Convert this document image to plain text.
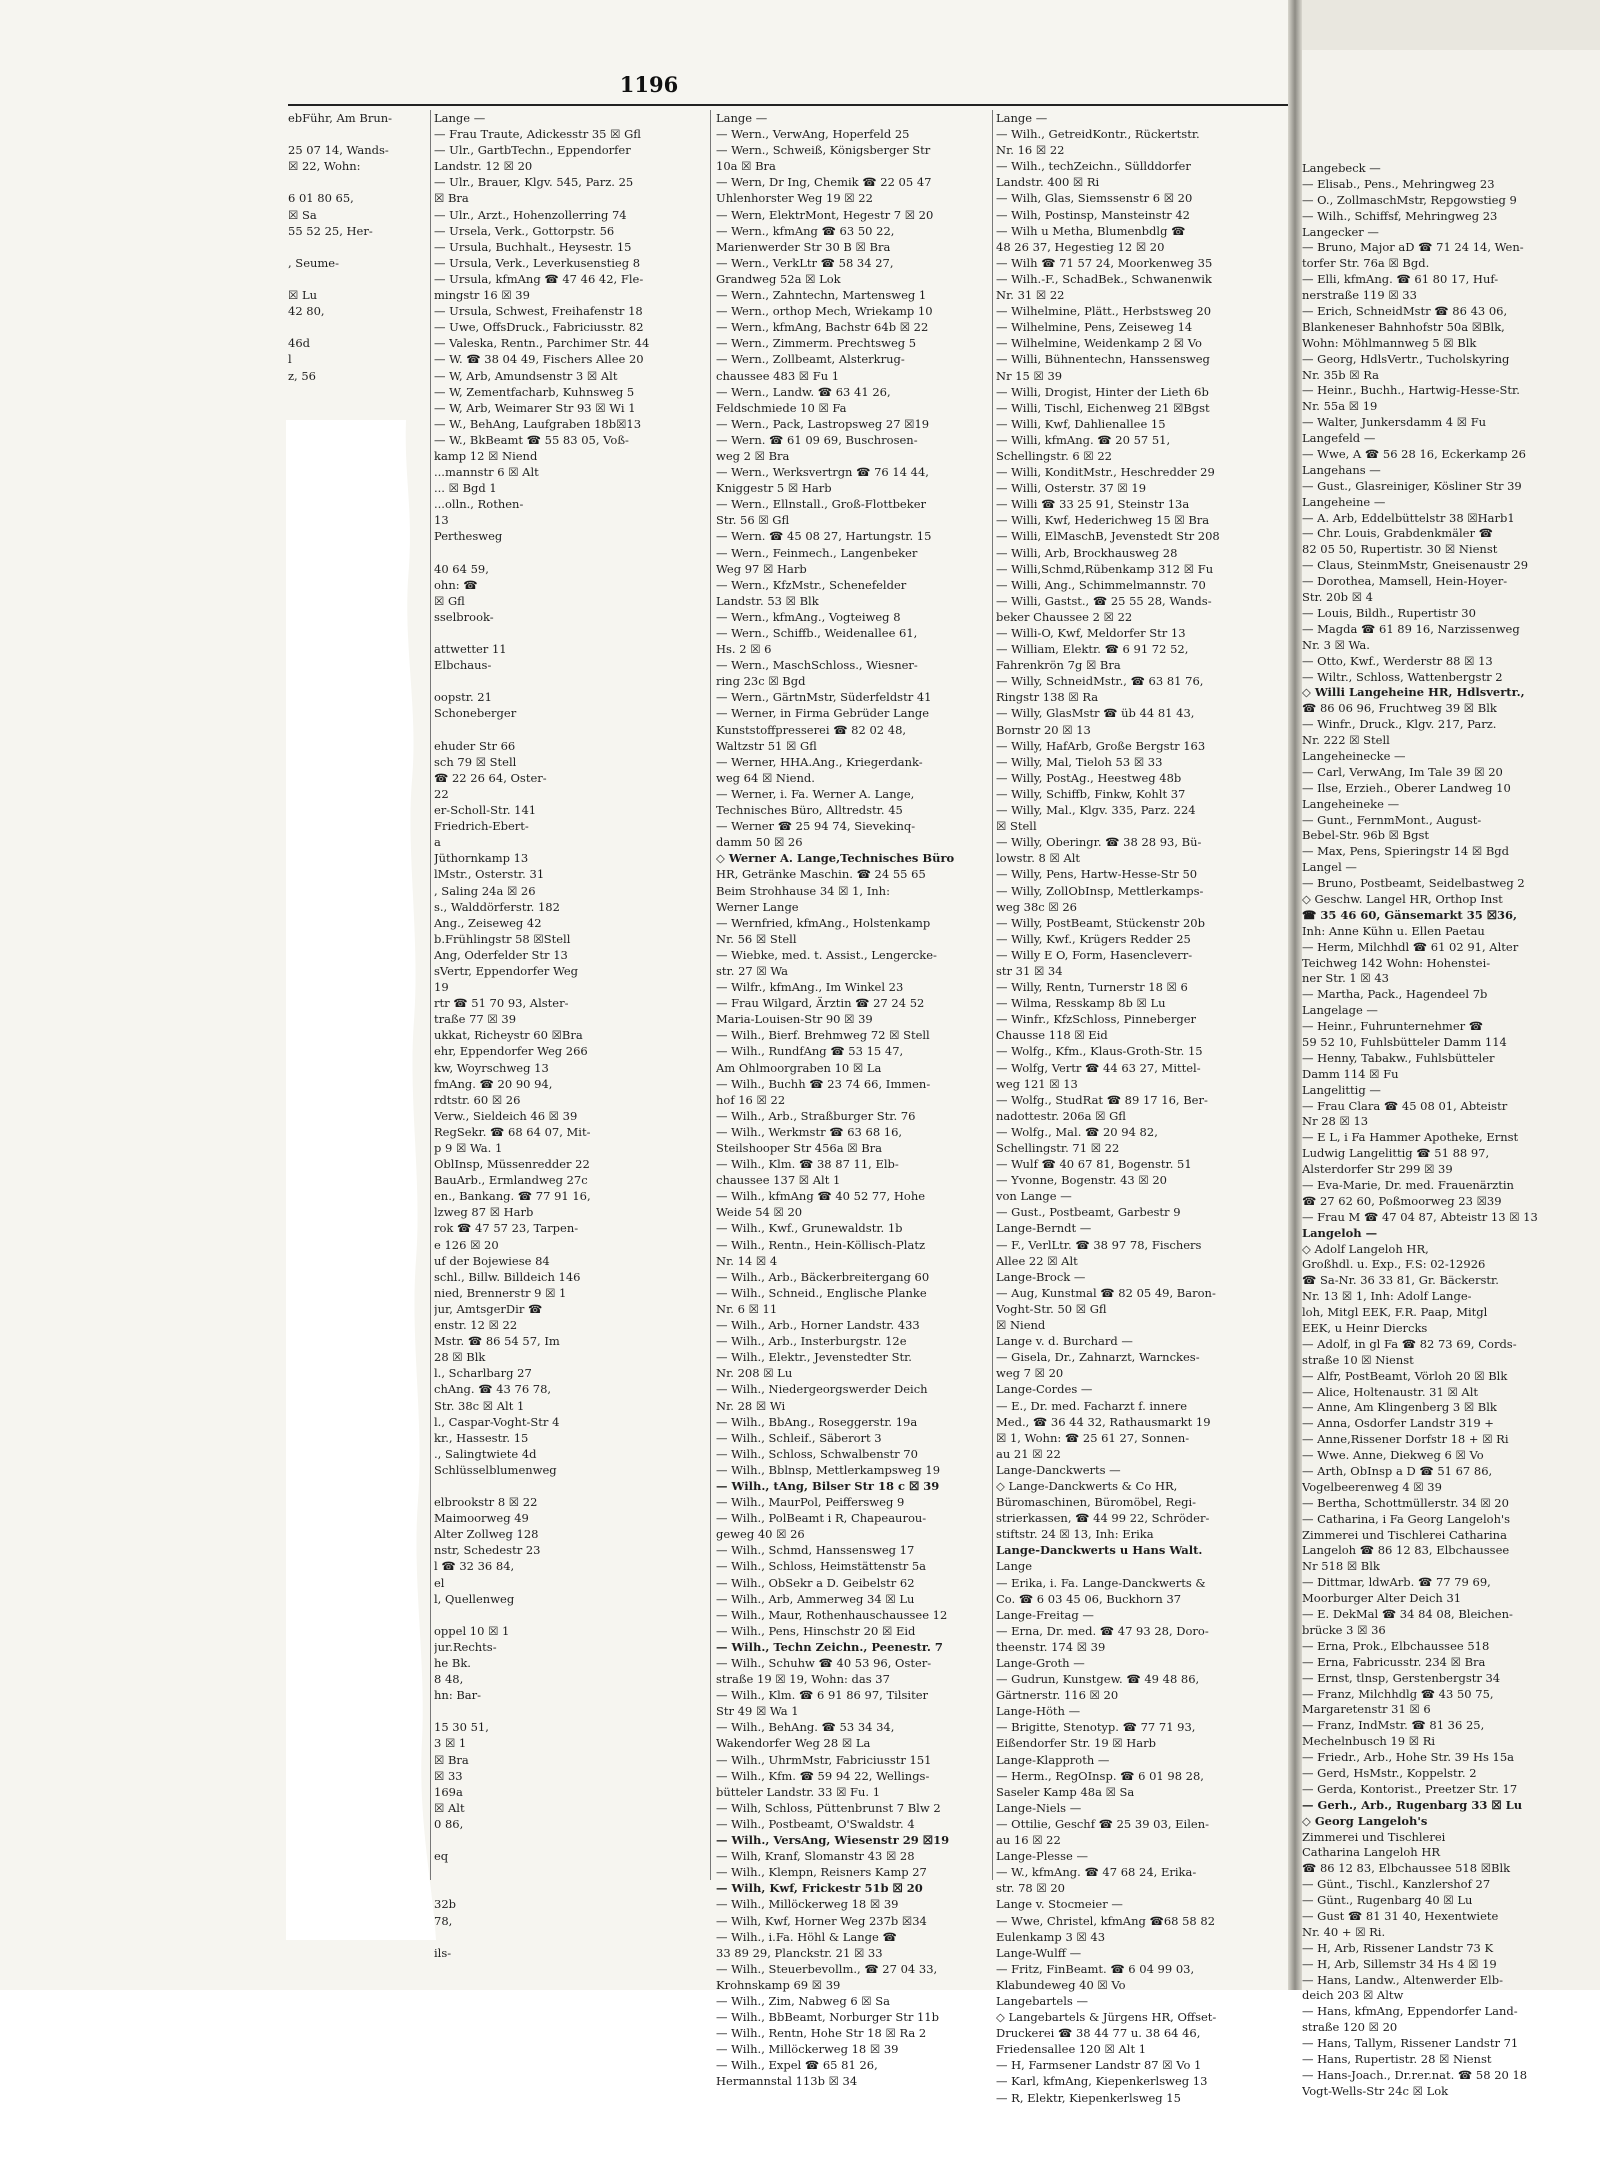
1196
ebFühr, Am Brun-
25 07 14, Wands-
☒ 22, Wohn:
6 01 80 65,
☒ Sa
55 52 25, Her-
, Seume-
☒ Lu
42 80,
46d
l
z, 56
Lange —
— Frau Traute, Adickesstr 35 ☒ Gfl
— Ulr., GartbTechn., Eppendorfer
Landstr. 12 ☒ 20
— Ulr., Brauer, Klgv. 545, Parz. 25
☒ Bra
— Ulr., Arzt., Hohenzollerring 74
— Ursela, Verk., Gottorpstr. 56
— Ursula, Buchhalt., Heysestr. 15
— Ursula, Verk., Leverkusenstieg 8
— Ursula, kfmAng ☎ 47 46 42, Fle-
mingstr 16 ☒ 39
— Ursula, Schwest, Freihafenstr 18
— Uwe, OffsDruck., Fabriciusstr. 82
— Valeska, Rentn., Parchimer Str. 44
— W. ☎ 38 04 49, Fischers Allee 20
— W, Arb, Amundsenstr 3 ☒ Alt
— W, Zementfacharb, Kuhnsweg 5
— W, Arb, Weimarer Str 93 ☒ Wi 1
— W., BehAng, Laufgraben 18b☒13
— W., BkBeamt ☎ 55 83 05, Voß-
kamp 12 ☒ Niend
...mannstr 6 ☒ Alt
... ☒ Bgd 1
...olln., Rothen-
13
Perthesweg
40 64 59,
ohn: ☎
☒ Gfl
sselbrook-
attwetter 11
Elbchaus-
oopstr. 21
Schoneberger
ehuder Str 66
sch 79 ☒ Stell
☎ 22 26 64, Oster-
22
er-Scholl-Str. 141
Friedrich-Ebert-
a
Jüthornkamp 13
lMstr., Osterstr. 31
, Saling 24a ☒ 26
s., Walddörferstr. 182
Ang., Zeiseweg 42
b.Frühlingstr 58 ☒Stell
Ang, Oderfelder Str 13
sVertr, Eppendorfer Weg
19
rtr ☎ 51 70 93, Alster-
traße 77 ☒ 39
ukkat, Richeystr 60 ☒Bra
ehr, Eppendorfer Weg 266
kw, Woyrschweg 13
fmAng. ☎ 20 90 94,
rdtstr. 60 ☒ 26
Verw., Sieldeich 46 ☒ 39
RegSekr. ☎ 68 64 07, Mit-
p 9 ☒ Wa. 1
OblInsp, Müssenredder 22
BauArb., Ermlandweg 27c
en., Bankang. ☎ 77 91 16,
lzweg 87 ☒ Harb
rok ☎ 47 57 23, Tarpen-
e 126 ☒ 20
uf der Bojewiese 84
schl., Billw. Billdeich 146
nied, Brennerstr 9 ☒ 1
jur, AmtsgerDir ☎
enstr. 12 ☒ 22
Mstr. ☎ 86 54 57, Im
28 ☒ Blk
l., Scharlbarg 27
chAng. ☎ 43 76 78,
Str. 38c ☒ Alt 1
l., Caspar-Voght-Str 4
kr., Hassestr. 15
., Salingtwiete 4d
Schlüsselblumenweg
elbrookstr 8 ☒ 22
Maimoorweg 49
Alter Zollweg 128
nstr, Schedestr 23
l ☎ 32 36 84,
el
l, Quellenweg
oppel 10 ☒ 1
jur.Rechts-
he Bk.
8 48,
hn: Bar-
15 30 51,
3 ☒ 1
☒ Bra
☒ 33
169a
☒ Alt
0 86,
eq
32b
78,
ils-
Lange —
— Wern., VerwAng, Hoperfeld 25
— Wern., Schweiß, Königsberger Str
10a ☒ Bra
— Wern, Dr Ing, Chemik ☎ 22 05 47
Uhlenhorster Weg 19 ☒ 22
— Wern, ElektrMont, Hegestr 7 ☒ 20
— Wern., kfmAng ☎ 63 50 22,
Marienwerder Str 30 B ☒ Bra
— Wern., VerkLtr ☎ 58 34 27,
Grandweg 52a ☒ Lok
— Wern., Zahntechn, Martensweg 1
— Wern., orthop Mech, Wriekamp 10
— Wern., kfmAng, Bachstr 64b ☒ 22
— Wern., Zimmerm. Prechtsweg 5
— Wern., Zollbeamt, Alsterkrug-
chaussee 483 ☒ Fu 1
— Wern., Landw. ☎ 63 41 26,
Feldschmiede 10 ☒ Fa
— Wern., Pack, Lastropsweg 27 ☒19
— Wern. ☎ 61 09 69, Buschrosen-
weg 2 ☒ Bra
— Wern., Werksvertrgn ☎ 76 14 44,
Kniggestr 5 ☒ Harb
— Wern., Ellnstall., Groß-Flottbeker
Str. 56 ☒ Gfl
— Wern. ☎ 45 08 27, Hartungstr. 15
— Wern., Feinmech., Langenbeker
Weg 97 ☒ Harb
— Wern., KfzMstr., Schenefelder
Landstr. 53 ☒ Blk
— Wern., kfmAng., Vogteiweg 8
— Wern., Schiffb., Weidenallee 61,
Hs. 2 ☒ 6
— Wern., MaschSchloss., Wiesner-
ring 23c ☒ Bgd
— Wern., GärtnMstr, Süderfeldstr 41
— Werner, in Firma Gebrüder Lange
Kunststoffpresserei ☎ 82 02 48,
Waltzstr 51 ☒ Gfl
— Werner, HHA.Ang., Kriegerdank-
weg 64 ☒ Niend.
— Werner, i. Fa. Werner A. Lange,
Technisches Büro, Alltredstr. 45
— Werner ☎ 25 94 74, Sievekinq-
damm 50 ☒ 26
◇ Werner A. Lange,Technisches Büro
HR, Getränke Maschin. ☎ 24 55 65
Beim Strohhause 34 ☒ 1, Inh:
Werner Lange
— Wernfried, kfmAng., Holstenkamp
Nr. 56 ☒ Stell
— Wiebke, med. t. Assist., Lengercke-
str. 27 ☒ Wa
— Wilfr., kfmAng., Im Winkel 23
— Frau Wilgard, Ärztin ☎ 27 24 52
Maria-Louisen-Str 90 ☒ 39
— Wilh., Bierf. Brehmweg 72 ☒ Stell
— Wilh., RundfAng ☎ 53 15 47,
Am Ohlmoorgraben 10 ☒ La
— Wilh., Buchh ☎ 23 74 66, Immen-
hof 16 ☒ 22
— Wilh., Arb., Straßburger Str. 76
— Wilh., Werkmstr ☎ 63 68 16,
Steilshooper Str 456a ☒ Bra
— Wilh., Klm. ☎ 38 87 11, Elb-
chaussee 137 ☒ Alt 1
— Wilh., kfmAng ☎ 40 52 77, Hohe
Weide 54 ☒ 20
— Wilh., Kwf., Grunewaldstr. 1b
— Wilh., Rentn., Hein-Köllisch-Platz
Nr. 14 ☒ 4
— Wilh., Arb., Bäckerbreitergang 60
— Wilh., Schneid., Englische Planke
Nr. 6 ☒ 11
— Wilh., Arb., Horner Landstr. 433
— Wilh., Arb., Insterburgstr. 12e
— Wilh., Elektr., Jevenstedter Str.
Nr. 208 ☒ Lu
— Wilh., Niedergeorgswerder Deich
Nr. 28 ☒ Wi
— Wilh., BbAng., Roseggerstr. 19a
— Wilh., Schleif., Säberort 3
— Wilh., Schloss, Schwalbenstr 70
— Wilh., Bblnsp, Mettlerkampsweg 19
— Wilh., tAng, Bilser Str 18 c ☒ 39
— Wilh., MaurPol, Peiffersweg 9
— Wilh., PolBeamt i R, Chapeaurou-
geweg 40 ☒ 26
— Wilh., Schmd, Hanssensweg 17
— Wilh., Schloss, Heimstättenstr 5a
— Wilh., ObSekr a D. Geibelstr 62
— Wilh., Arb, Ammerweg 34 ☒ Lu
— Wilh., Maur, Rothenhauschaussee 12
— Wilh., Pens, Hinschstr 20 ☒ Eid
— Wilh., Techn Zeichn., Peenestr. 7
— Wilh., Schuhw ☎ 40 53 96, Oster-
straße 19 ☒ 19, Wohn: das 37
— Wilh., Klm. ☎ 6 91 86 97, Tilsiter
Str 49 ☒ Wa 1
— Wilh., BehAng. ☎ 53 34 34,
Wakendorfer Weg 28 ☒ La
— Wilh., UhrmMstr, Fabriciusstr 151
— Wilh., Kfm. ☎ 59 94 22, Wellings-
bütteler Landstr. 33 ☒ Fu. 1
— Wilh, Schloss, Püttenbrunst 7 Blw 2
— Wilh., Postbeamt, O'Swaldstr. 4
— Wilh., VersAng, Wiesenstr 29 ☒19
— Wilh, Kranf, Slomanstr 43 ☒ 28
— Wilh., Klempn, Reisners Kamp 27
— Wilh, Kwf, Frickestr 51b ☒ 20
— Wilh., Millöckerweg 18 ☒ 39
— Wilh, Kwf, Horner Weg 237b ☒34
— Wilh., i.Fa. Höhl & Lange ☎
33 89 29, Planckstr. 21 ☒ 33
— Wilh., Steuerbevollm., ☎ 27 04 33,
Krohnskamp 69 ☒ 39
— Wilh., Zim, Nabweg 6 ☒ Sa
— Wilh., BbBeamt, Norburger Str 11b
— Wilh., Rentn, Hohe Str 18 ☒ Ra 2
— Wilh., Millöckerweg 18 ☒ 39
— Wilh., Expel ☎ 65 81 26,
Hermannstal 113b ☒ 34
Lange —
— Wilh., GetreidKontr., Rückertstr.
Nr. 16 ☒ 22
— Wilh., techZeichn., Süllddorfer
Landstr. 400 ☒ Ri
— Wilh, Glas, Siemssenstr 6 ☒ 20
— Wilh, Postinsp, Mansteinstr 42
— Wilh u Metha, Blumenbdlg ☎
48 26 37, Hegestieg 12 ☒ 20
— Wilh ☎ 71 57 24, Moorkenweg 35
— Wilh.-F., SchadBek., Schwanenwik
Nr. 31 ☒ 22
— Wilhelmine, Plätt., Herbstsweg 20
— Wilhelmine, Pens, Zeiseweg 14
— Wilhelmine, Weidenkamp 2 ☒ Vo
— Willi, Bühnentechn, Hanssensweg
Nr 15 ☒ 39
— Willi, Drogist, Hinter der Lieth 6b
— Willi, Tischl, Eichenweg 21 ☒Bgst
— Willi, Kwf, Dahlienallee 15
— Willi, kfmAng. ☎ 20 57 51,
Schellingstr. 6 ☒ 22
— Willi, KonditMstr., Heschredder 29
— Willi, Osterstr. 37 ☒ 19
— Willi ☎ 33 25 91, Steinstr 13a
— Willi, Kwf, Hederichweg 15 ☒ Bra
— Willi, ElMaschB, Jevenstedt Str 208
— Willi, Arb, Brockhausweg 28
— Willi,Schmd,Rübenkamp 312 ☒ Fu
— Willi, Ang., Schimmelmannstr. 70
— Willi, Gastst., ☎ 25 55 28, Wands-
beker Chaussee 2 ☒ 22
— Willi-O, Kwf, Meldorfer Str 13
— William, Elektr. ☎ 6 91 72 52,
Fahrenkrön 7g ☒ Bra
— Willy, SchneidMstr., ☎ 63 81 76,
Ringstr 138 ☒ Ra
— Willy, GlasMstr ☎ üb 44 81 43,
Bornstr 20 ☒ 13
— Willy, HafArb, Große Bergstr 163
— Willy, Mal, Tieloh 53 ☒ 33
— Willy, PostAg., Heestweg 48b
— Willy, Schiffb, Finkw, Kohlt 37
— Willy, Mal., Klgv. 335, Parz. 224
☒ Stell
— Willy, Oberingr. ☎ 38 28 93, Bü-
lowstr. 8 ☒ Alt
— Willy, Pens, Hartw-Hesse-Str 50
— Willy, ZollObInsp, Mettlerkamps-
weg 38c ☒ 26
— Willy, PostBeamt, Stückenstr 20b
— Willy, Kwf., Krügers Redder 25
— Willy E O, Form, Hasencleverr-
str 31 ☒ 34
— Willy, Rentn, Turnerstr 18 ☒ 6
— Wilma, Resskamp 8b ☒ Lu
— Winfr., KfzSchloss, Pinneberger
Chausse 118 ☒ Eid
— Wolfg., Kfm., Klaus-Groth-Str. 15
— Wolfg, Vertr ☎ 44 63 27, Mittel-
weg 121 ☒ 13
— Wolfg., StudRat ☎ 89 17 16, Ber-
nadottestr. 206a ☒ Gfl
— Wolfg., Mal. ☎ 20 94 82,
Schellingstr. 71 ☒ 22
— Wulf ☎ 40 67 81, Bogenstr. 51
— Yvonne, Bogenstr. 43 ☒ 20
von Lange —
— Gust., Postbeamt, Garbestr 9
Lange-Berndt —
— F., VerlLtr. ☎ 38 97 78, Fischers
Allee 22 ☒ Alt
Lange-Brock —
— Aug, Kunstmal ☎ 82 05 49, Baron-
Voght-Str. 50 ☒ Gfl
☒ Niend
Lange v. d. Burchard —
— Gisela, Dr., Zahnarzt, Warnckes-
weg 7 ☒ 20
Lange-Cordes —
— E., Dr. med. Facharzt f. innere
Med., ☎ 36 44 32, Rathausmarkt 19
☒ 1, Wohn: ☎ 25 61 27, Sonnen-
au 21 ☒ 22
Lange-Danckwerts —
◇ Lange-Danckwerts & Co HR,
Büromaschinen, Büromöbel, Regi-
strierkassen, ☎ 44 99 22, Schröder-
stiftstr. 24 ☒ 13, Inh: Erika
Lange-Danckwerts u Hans Walt.
Lange
— Erika, i. Fa. Lange-Danckwerts &
Co. ☎ 6 03 45 06, Buckhorn 37
Lange-Freitag —
— Erna, Dr. med. ☎ 47 93 28, Doro-
theenstr. 174 ☒ 39
Lange-Groth —
— Gudrun, Kunstgew. ☎ 49 48 86,
Gärtnerstr. 116 ☒ 20
Lange-Höth —
— Brigitte, Stenotyp. ☎ 77 71 93,
Eißendorfer Str. 19 ☒ Harb
Lange-Klapproth —
— Herm., RegOInsp. ☎ 6 01 98 28,
Saseler Kamp 48a ☒ Sa
Lange-Niels —
— Ottilie, Geschf ☎ 25 39 03, Eilen-
au 16 ☒ 22
Lange-Plesse —
— W., kfmAng. ☎ 47 68 24, Erika-
str. 78 ☒ 20
Lange v. Stocmeier —
— Wwe, Christel, kfmAng ☎68 58 82
Eulenkamp 3 ☒ 43
Lange-Wulff —
— Fritz, FinBeamt. ☎ 6 04 99 03,
Klabundeweg 40 ☒ Vo
Langebartels —
◇ Langebartels & Jürgens HR, Offset-
Druckerei ☎ 38 44 77 u. 38 64 46,
Friedensallee 120 ☒ Alt 1
— H, Farmsener Landstr 87 ☒ Vo 1
— Karl, kfmAng, Kiepenkerlsweg 13
— R, Elektr, Kiepenkerlsweg 15
Langebeck —
— Elisab., Pens., Mehringweg 23
— O., ZollmaschMstr, Repgowstieg 9
— Wilh., Schiffsf, Mehringweg 23
Langecker —
— Bruno, Major aD ☎ 71 24 14, Wen-
torfer Str. 76a ☒ Bgd.
— Elli, kfmAng. ☎ 61 80 17, Huf-
nerstraße 119 ☒ 33
— Erich, SchneidMstr ☎ 86 43 06,
Blankeneser Bahnhofstr 50a ☒Blk,
Wohn: Möhlmannweg 5 ☒ Blk
— Georg, HdlsVertr., Tucholskyring
Nr. 35b ☒ Ra
— Heinr., Buchh., Hartwig-Hesse-Str.
Nr. 55a ☒ 19
— Walter, Junkersdamm 4 ☒ Fu
Langefeld —
— Wwe, A ☎ 56 28 16, Eckerkamp 26
Langehans —
— Gust., Glasreiniger, Kösliner Str 39
Langeheine —
— A. Arb, Eddelbüttelstr 38 ☒Harb1
— Chr. Louis, Grabdenkmäler ☎
82 05 50, Rupertistr. 30 ☒ Nienst
— Claus, SteinmMstr, Gneisenaustr 29
— Dorothea, Mamsell, Hein-Hoyer-
Str. 20b ☒ 4
— Louis, Bildh., Rupertistr 30
— Magda ☎ 61 89 16, Narzissenweg
Nr. 3 ☒ Wa.
— Otto, Kwf., Werderstr 88 ☒ 13
— Wiltr., Schloss, Wattenbergstr 2
◇ Willi Langeheine HR, Hdlsvertr.,
☎ 86 06 96, Fruchtweg 39 ☒ Blk
— Winfr., Druck., Klgv. 217, Parz.
Nr. 222 ☒ Stell
Langeheinecke —
— Carl, VerwAng, Im Tale 39 ☒ 20
— Ilse, Erzieh., Oberer Landweg 10
Langeheineke —
— Gunt., FernmMont., August-
Bebel-Str. 96b ☒ Bgst
— Max, Pens, Spieringstr 14 ☒ Bgd
Langel —
— Bruno, Postbeamt, Seidelbastweg 2
◇ Geschw. Langel HR, Orthop Inst
☎ 35 46 60, Gänsemarkt 35 ☒36,
Inh: Anne Kühn u. Ellen Paetau
— Herm, Milchhdl ☎ 61 02 91, Alter
Teichweg 142 Wohn: Hohenstei-
ner Str. 1 ☒ 43
— Martha, Pack., Hagendeel 7b
Langelage —
— Heinr., Fuhrunternehmer ☎
59 52 10, Fuhlsbütteler Damm 114
— Henny, Tabakw., Fuhlsbütteler
Damm 114 ☒ Fu
Langelittig —
— Frau Clara ☎ 45 08 01, Abteistr
Nr 28 ☒ 13
— E L, i Fa Hammer Apotheke, Ernst
Ludwig Langelittig ☎ 51 88 97,
Alsterdorfer Str 299 ☒ 39
— Eva-Marie, Dr. med. Frauenärztin
☎ 27 62 60, Poßmoorweg 23 ☒39
— Frau M ☎ 47 04 87, Abteistr 13 ☒ 13
Langeloh —
◇ Adolf Langeloh HR,
Großhdl. u. Exp., F.S: 02-12926
☎ Sa-Nr. 36 33 81, Gr. Bäckerstr.
Nr. 13 ☒ 1, Inh: Adolf Lange-
loh, Mitgl EEK, F.R. Paap, Mitgl
EEK, u Heinr Diercks
— Adolf, in gl Fa ☎ 82 73 69, Cords-
straße 10 ☒ Nienst
— Alfr, PostBeamt, Vörloh 20 ☒ Blk
— Alice, Holtenaustr. 31 ☒ Alt
— Anne, Am Klingenberg 3 ☒ Blk
— Anna, Osdorfer Landstr 319 +
— Anne,Rissener Dorfstr 18 + ☒ Ri
— Wwe. Anne, Diekweg 6 ☒ Vo
— Arth, ObInsp a D ☎ 51 67 86,
Vogelbeerenweg 4 ☒ 39
— Bertha, Schottmüllerstr. 34 ☒ 20
— Catharina, i Fa Georg Langeloh's
Zimmerei und Tischlerei Catharina
Langeloh ☎ 86 12 83, Elbchaussee
Nr 518 ☒ Blk
— Dittmar, ldwArb. ☎ 77 79 69,
Moorburger Alter Deich 31
— E. DekMal ☎ 34 84 08, Bleichen-
brücke 3 ☒ 36
— Erna, Prok., Elbchaussee 518
— Erna, Fabricusstr. 234 ☒ Bra
— Ernst, tlnsp, Gerstenbergstr 34
— Franz, Milchhdlg ☎ 43 50 75,
Margaretenstr 31 ☒ 6
— Franz, IndMstr. ☎ 81 36 25,
Mechelnbusch 19 ☒ Ri
— Friedr., Arb., Hohe Str. 39 Hs 15a
— Gerd, HsMstr., Koppelstr. 2
— Gerda, Kontorist., Preetzer Str. 17
— Gerh., Arb., Rugenbarg 33 ☒ Lu
◇ Georg Langeloh's
Zimmerei und Tischlerei
Catharina Langeloh HR
☎ 86 12 83, Elbchaussee 518 ☒Blk
— Günt., Tischl., Kanzlershof 27
— Günt., Rugenbarg 40 ☒ Lu
— Gust ☎ 81 31 40, Hexentwiete
Nr. 40 + ☒ Ri.
— H, Arb, Rissener Landstr 73 K
— H, Arb, Sillemstr 34 Hs 4 ☒ 19
— Hans, Landw., Altenwerder Elb-
deich 203 ☒ Altw
— Hans, kfmAng, Eppendorfer Land-
straße 120 ☒ 20
— Hans, Tallym, Rissener Landstr 71
— Hans, Rupertistr. 28 ☒ Nienst
— Hans-Joach., Dr.rer.nat. ☎ 58 20 18
Vogt-Wells-Str 24c ☒ Lok
